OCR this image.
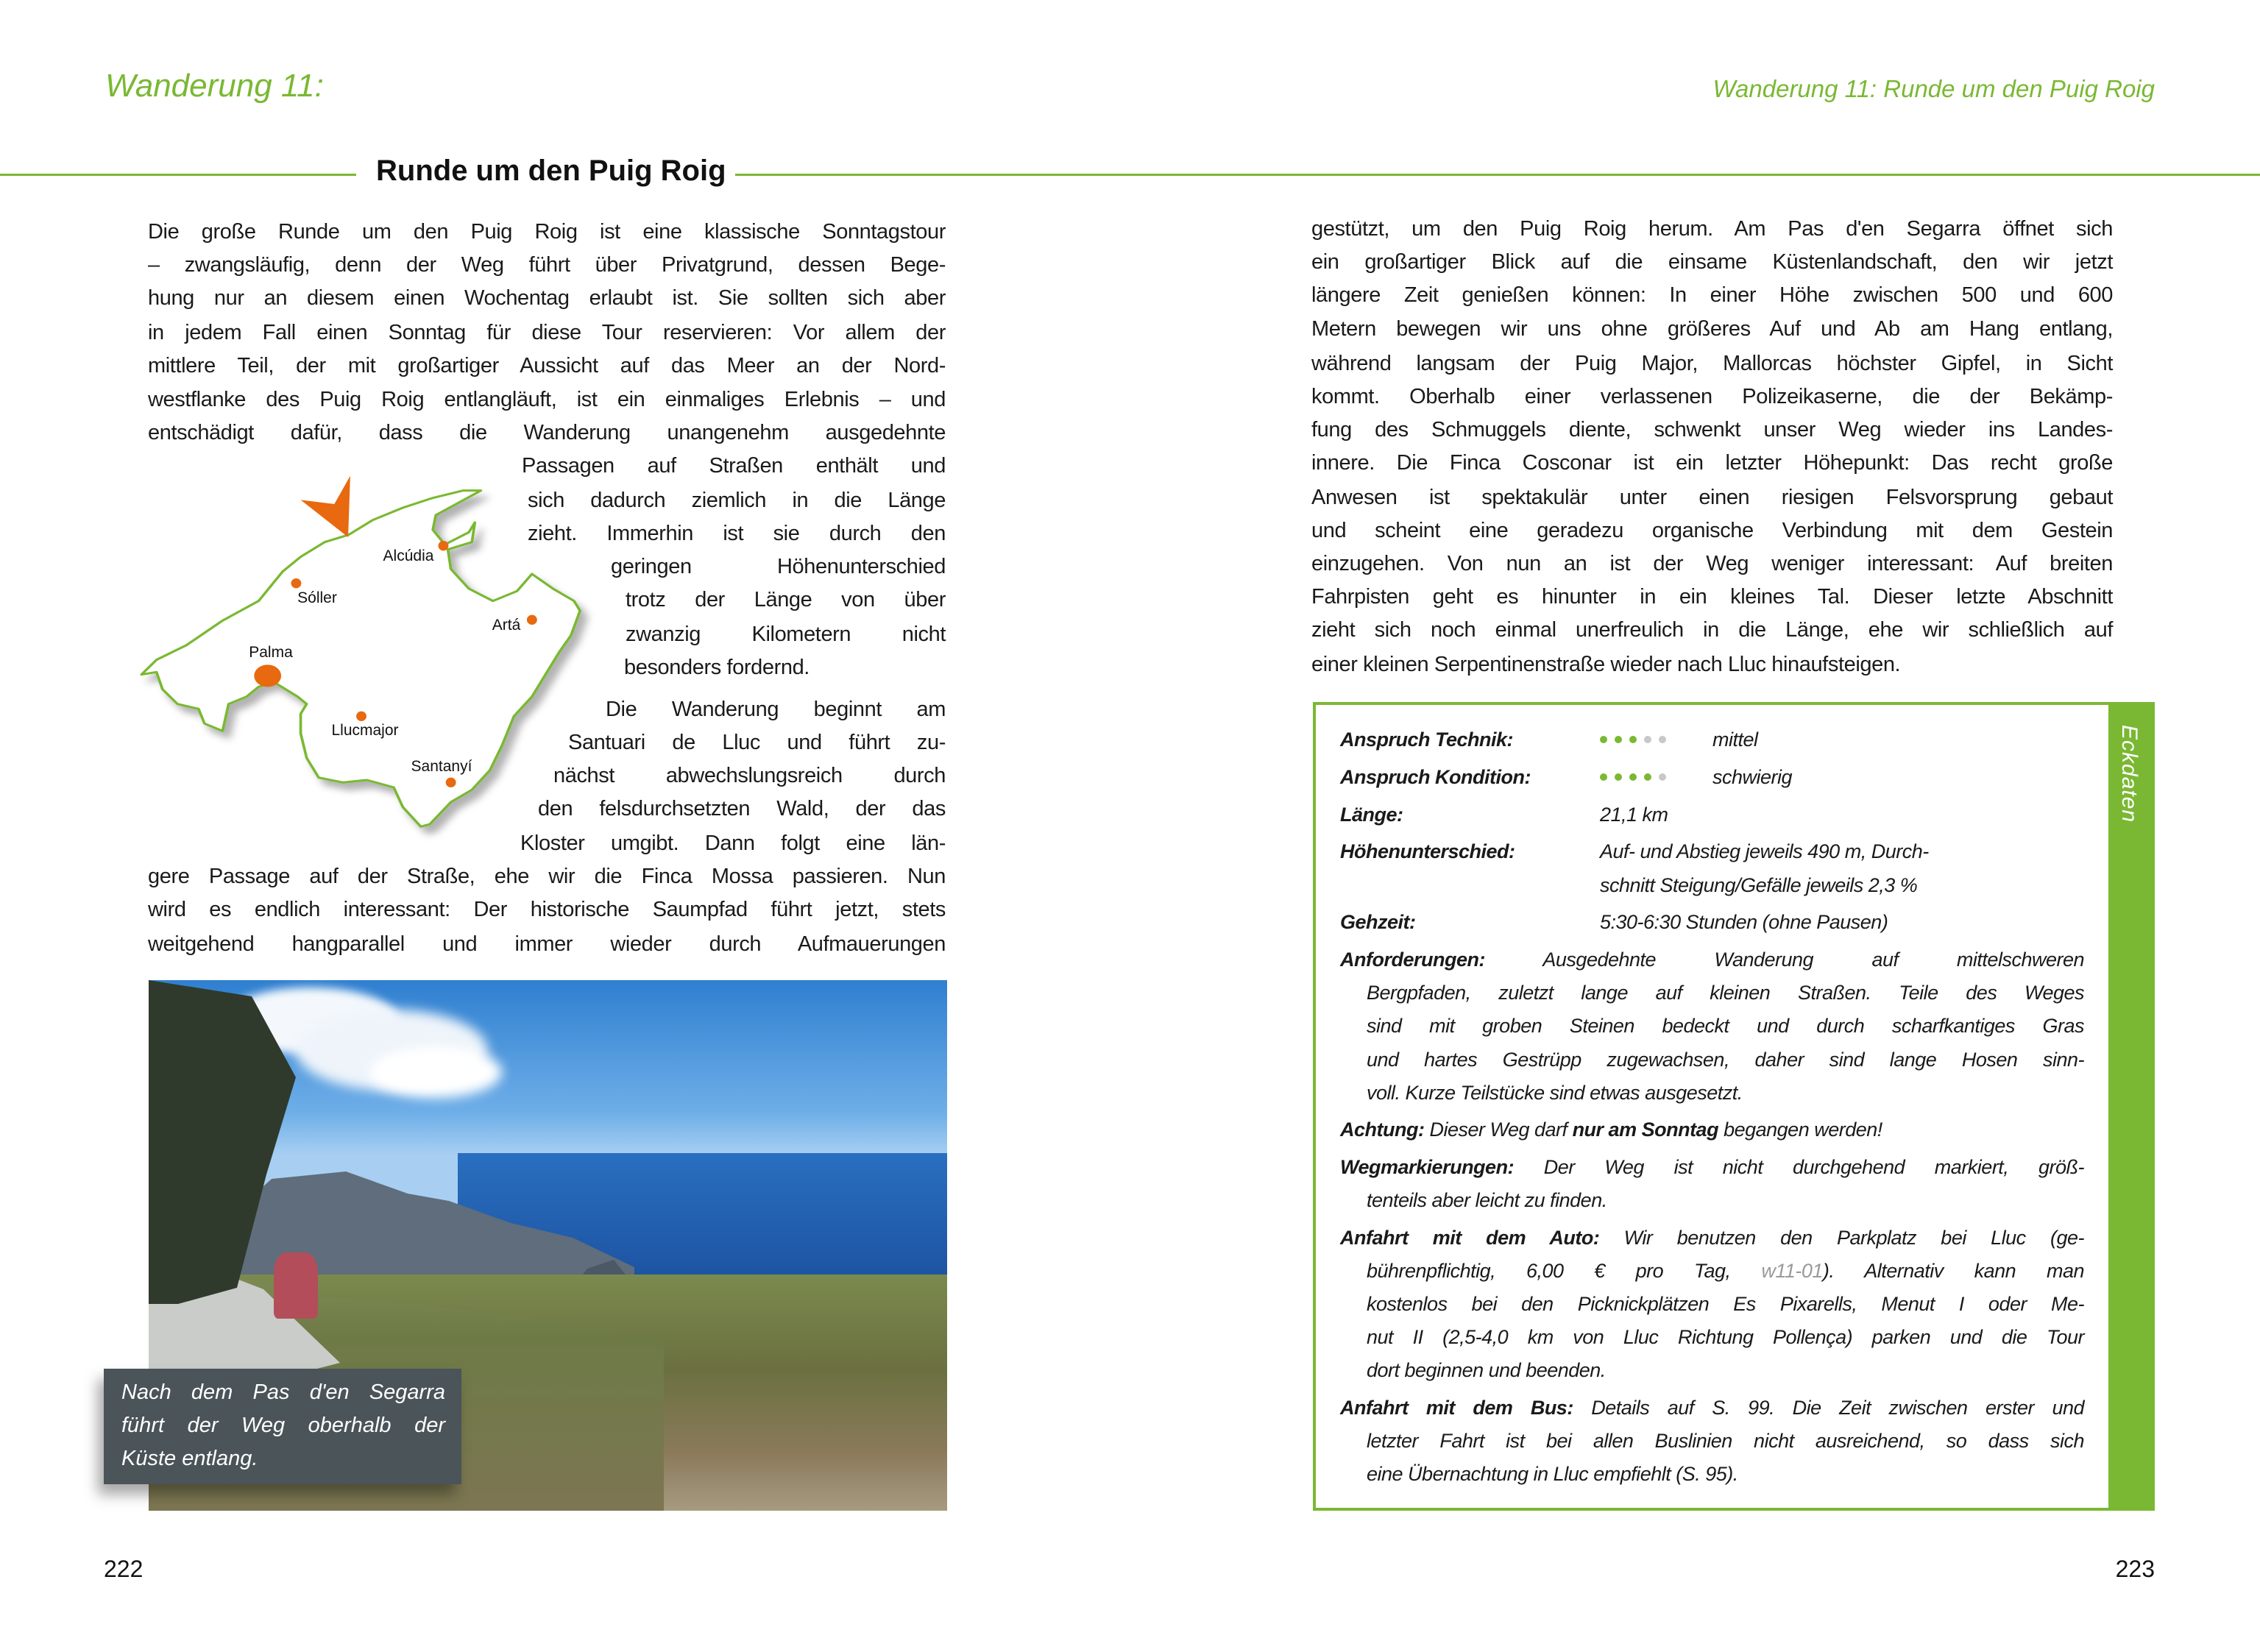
Wanderung 11:	Wanderung 11: Runde um den Puig Roig
Runde um den Puig Roig
Die große Runde um den Puig Roig ist eine klassische Sonntagstour
– zwangsläufig, denn der Weg führt über Privatgrund, dessen Bege-
hung nur an diesem einen Wochentag erlaubt ist. Sie sollten sich aber
in jedem Fall einen Sonntag für diese Tour reservieren: Vor allem der
mittlere Teil, der mit großartiger Aussicht auf das Meer an der Nord-
westflanke des Puig Roig entlangläuft, ist ein einmaliges Erlebnis – und
entschädigt dafür, dass die Wanderung unangenehm ausgedehnte
Passagen auf Straßen enthält und
sich dadurch ziemlich in die Länge
zieht. Immerhin ist sie durch den
geringen Höhenunterschied
trotz der Länge von über
zwanzig Kilometern nicht
besonders fordernd.
Die Wanderung beginnt am
Santuari de Lluc und führt zu-
nächst abwechslungsreich durch
den felsdurchsetzten Wald, der das
Kloster umgibt. Dann folgt eine län-
gere Passage auf der Straße, ehe wir die Finca Mossa passieren. Nun
wird es endlich interessant: Der historische Saumpfad führt jetzt, stets
weitgehend hangparallel und immer wieder durch Aufmauerungen
Alcúdia
Sóller
Artá
Palma
Llucmajor
Santanyí
Nach dem Pas d'en Segarra
führt der Weg oberhalb der
Küste entlang.
gestützt, um den Puig Roig herum. Am Pas d'en Segarra öffnet sich
ein großartiger Blick auf die einsame Küstenlandschaft, den wir jetzt
längere Zeit genießen können: In einer Höhe zwischen 500 und 600
Metern bewegen wir uns ohne größeres Auf und Ab am Hang entlang,
während langsam der Puig Major, Mallorcas höchster Gipfel, in Sicht
kommt. Oberhalb einer verlassenen Polizeikaserne, die der Bekämp-
fung des Schmuggels diente, schwenkt unser Weg wieder ins Landes-
innere. Die Finca Cosconar ist ein letzter Höhepunkt: Das recht große
Anwesen ist spektakulär unter einen riesigen Felsvorsprung gebaut
und scheint eine geradezu organische Verbindung mit dem Gestein
einzugehen. Von nun an ist der Weg weniger interessant: Auf breiten
Fahrpisten geht es hinunter in ein kleines Tal. Dieser letzte Abschnitt
zieht sich noch einmal unerfreulich in die Länge, ehe wir schließlich auf
einer kleinen Serpentinenstraße wieder nach Lluc hinaufsteigen.
Eckdaten
Anspruch Technik:	mittel
Anspruch Kondition:	schwierig
Länge:	21,1 km
Höhenunterschied:	Auf- und Abstieg jeweils 490 m, Durch-
schnitt Steigung/Gefälle jeweils 2,3 %
Gehzeit:	5:30-6:30 Stunden (ohne Pausen)
Anforderungen: Ausgedehnte Wanderung auf mittelschweren
Bergpfaden, zuletzt lange auf kleinen Straßen. Teile des Weges
sind mit groben Steinen bedeckt und durch scharfkantiges Gras
und hartes Gestrüpp zugewachsen, daher sind lange Hosen sinn-
voll. Kurze Teilstücke sind etwas ausgesetzt.
Achtung: Dieser Weg darf nur am Sonntag begangen werden!
Wegmarkierungen: Der Weg ist nicht durchgehend markiert, größ-
tenteils aber leicht zu finden.
Anfahrt mit dem Auto: Wir benutzen den Parkplatz bei Lluc (ge-
bührenpflichtig, 6,00 € pro Tag, w11-01). Alternativ kann man
kostenlos bei den Picknickplätzen Es Pixarells, Menut I oder Me-
nut II (2,5-4,0 km von Lluc Richtung Pollença) parken und die Tour
dort beginnen und beenden.
Anfahrt mit dem Bus: Details auf S. 99. Die Zeit zwischen erster und
letzter Fahrt ist bei allen Buslinien nicht ausreichend, so dass sich
eine Übernachtung in Lluc empfiehlt (S. 95).
222	223
